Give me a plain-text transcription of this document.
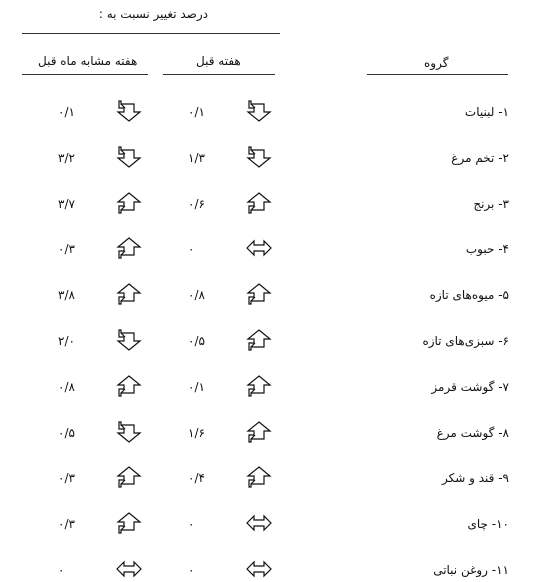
درصد تغییر نسبت به :
هفته مشابه ماه قبل	هفته قبل	گروه
۰/۱	۰/۱	۱- لبنیات
۳/۲	۱/۳	۲- تخم مرغ
۳/۷	۰/۶	۳- برنج
۰/۳	۰	۴- حبوب
۳/۸	۰/۸	۵- میوه‌های تازه
۲/۰	۰/۵	۶- سبزی‌های تازه
۰/۸	۰/۱	۷- گوشت قرمز
۰/۵	۱/۶	۸- گوشت مرغ
۰/۳	۰/۴	۹- قند و شکر
۰/۳	۰	۱۰- چای
۰	۰	۱۱- روغن نباتی
